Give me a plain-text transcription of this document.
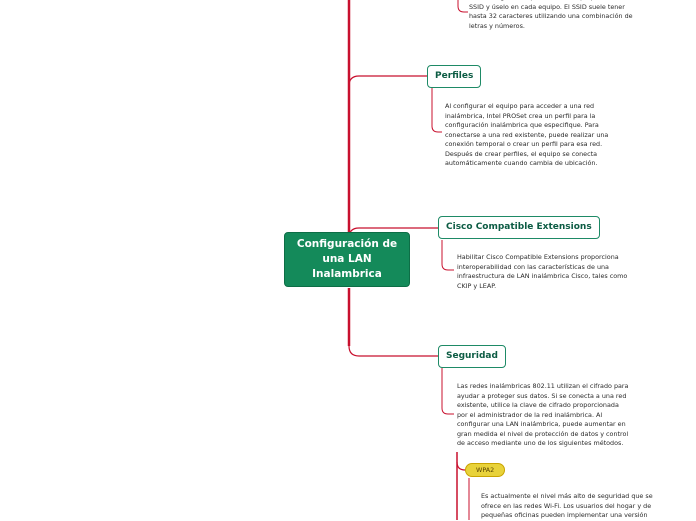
SSID y úselo en cada equipo. El SSID suele tener
hasta 32 caracteres utilizando una combinación de
letras y números.
Perfiles
Al configurar el equipo para acceder a una red
inalámbrica, Intel PROSet crea un perfil para la
configuración inalámbrica que especifique. Para
conectarse a una red existente, puede realizar una
conexión temporal o crear un perfil para esa red.
Después de crear perfiles, el equipo se conecta
automáticamente cuando cambia de ubicación.
Configuración de una LAN Inalambrica
Cisco Compatible Extensions
Habilitar Cisco Compatible Extensions proporciona
interoperabilidad con las características de una
infraestructura de LAN inalámbrica Cisco, tales como
CKIP y LEAP.
Seguridad
Las redes inalámbricas 802.11 utilizan el cifrado para
ayudar a proteger sus datos. Si se conecta a una red
existente, utilice la clave de cifrado proporcionada
por el administrador de la red inalámbrica. Al
configurar una LAN inalámbrica, puede aumentar en
gran medida el nivel de protección de datos y control
de acceso mediante uno de los siguientes métodos.
WPA2
Es actualmente el nivel más alto de seguridad que se
ofrece en las redes Wi-Fi. Los usuarios del hogar y de
pequeñas oficinas pueden implementar una versión
